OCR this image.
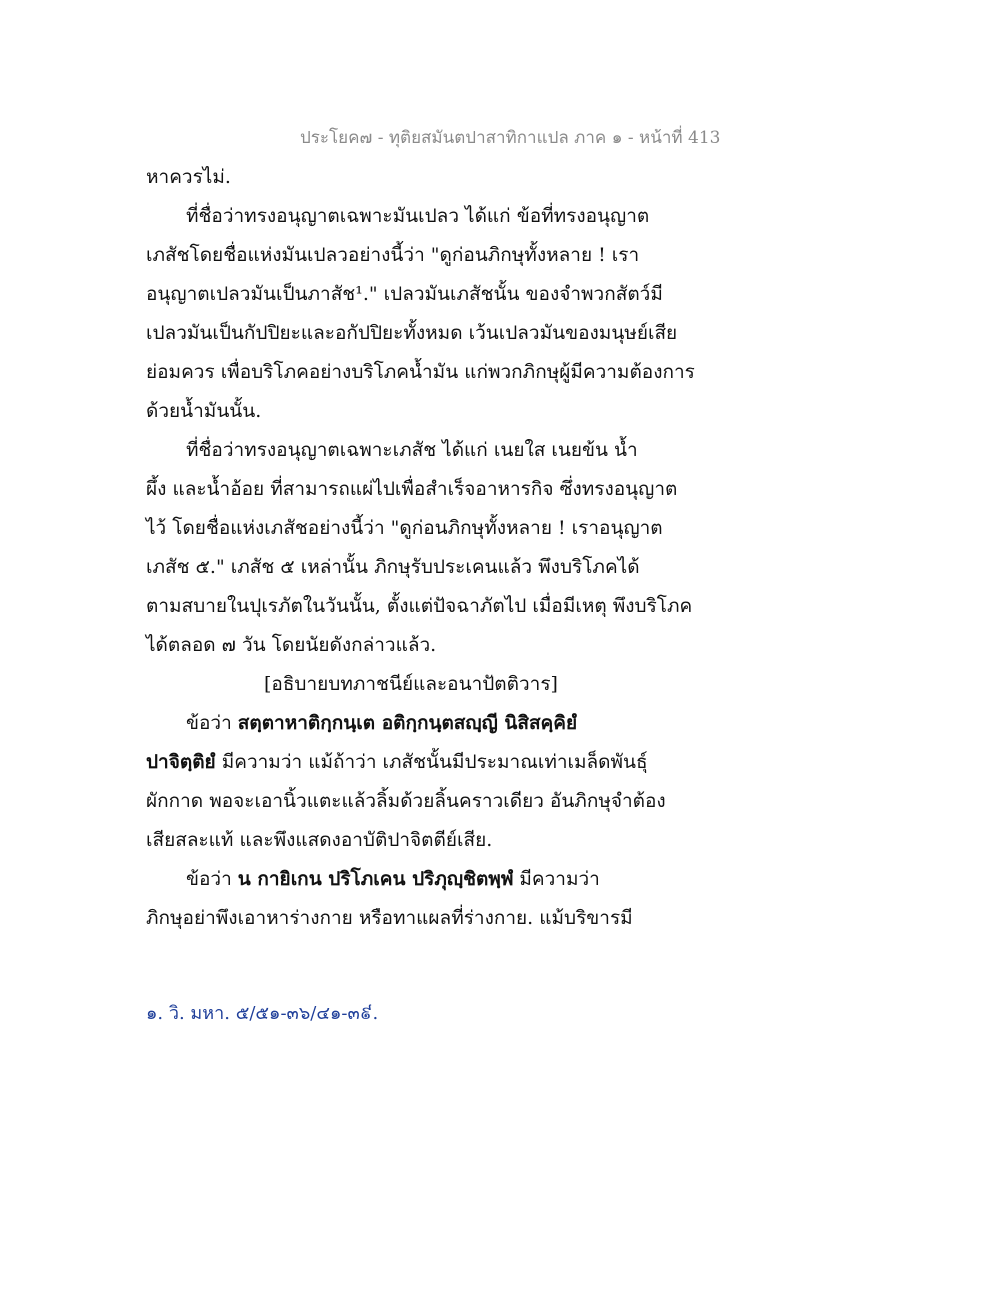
ประโยค๗ - ทุติยสมันตปาสาทิกาแปล ภาค ๑ - หน้าที่ 413
หาควรไม่.
ที่ชื่อว่าทรงอนุญาตเฉพาะมันเปลว ได้แก่ ข้อที่ทรงอนุญาต
เภสัชโดยชื่อแห่งมันเปลวอย่างนี้ว่า "ดูก่อนภิกษุทั้งหลาย ! เรา
อนุญาตเปลวมันเป็นภาสัช¹." เปลวมันเภสัชนั้น ของจำพวกสัตว์มี
เปลวมันเป็นกัปปิยะและอกัปปิยะทั้งหมด เว้นเปลวมันของมนุษย์เสีย
ย่อมควร เพื่อบริโภคอย่างบริโภคน้ำมัน แก่พวกภิกษุผู้มีความต้องการ
ด้วยน้ำมันนั้น.
ที่ชื่อว่าทรงอนุญาตเฉพาะเภสัช ได้แก่ เนยใส เนยข้น น้ำ
ผึ้ง และน้ำอ้อย ที่สามารถแผ่ไปเพื่อสำเร็จอาหารกิจ ซึ่งทรงอนุญาต
ไว้ โดยชื่อแห่งเภสัชอย่างนี้ว่า "ดูก่อนภิกษุทั้งหลาย ! เราอนุญาต
เภสัช ๕." เภสัช ๕ เหล่านั้น ภิกษุรับประเคนแล้ว พึงบริโภคได้
ตามสบายในปุเรภัตในวันนั้น, ตั้งแต่ปัจฉาภัตไป เมื่อมีเหตุ พึงบริโภค
ได้ตลอด ๗ วัน โดยนัยดังกล่าวแล้ว.
[อธิบายบทภาชนีย์และอนาปัตติวาร]
ข้อว่า สตฺตาหาติกฺกนฺเต อติกฺกนฺตสญฺญี นิสิสคฺคิยํ
ปาจิตฺติยํ มีความว่า แม้ถ้าว่า เภสัชนั้นมีประมาณเท่าเมล็ดพันธุ์
ผักกาด พอจะเอานิ้วแตะแล้วลิ้มด้วยลิ้นคราวเดียว อันภิกษุจำต้อง
เสียสละแท้ และพึงแสดงอาบัติปาจิตตีย์เสีย.
ข้อว่า น กายิเกน ปริโภเคน ปริภุญฺชิตพฺพํ มีความว่า
ภิกษุอย่าพึงเอาหาร่างกาย หรือทาแผลที่ร่างกาย. แม้บริขารมี
๑. วิ. มหา. ๕/๕๑-๓๖/๔๑-๓៩.
